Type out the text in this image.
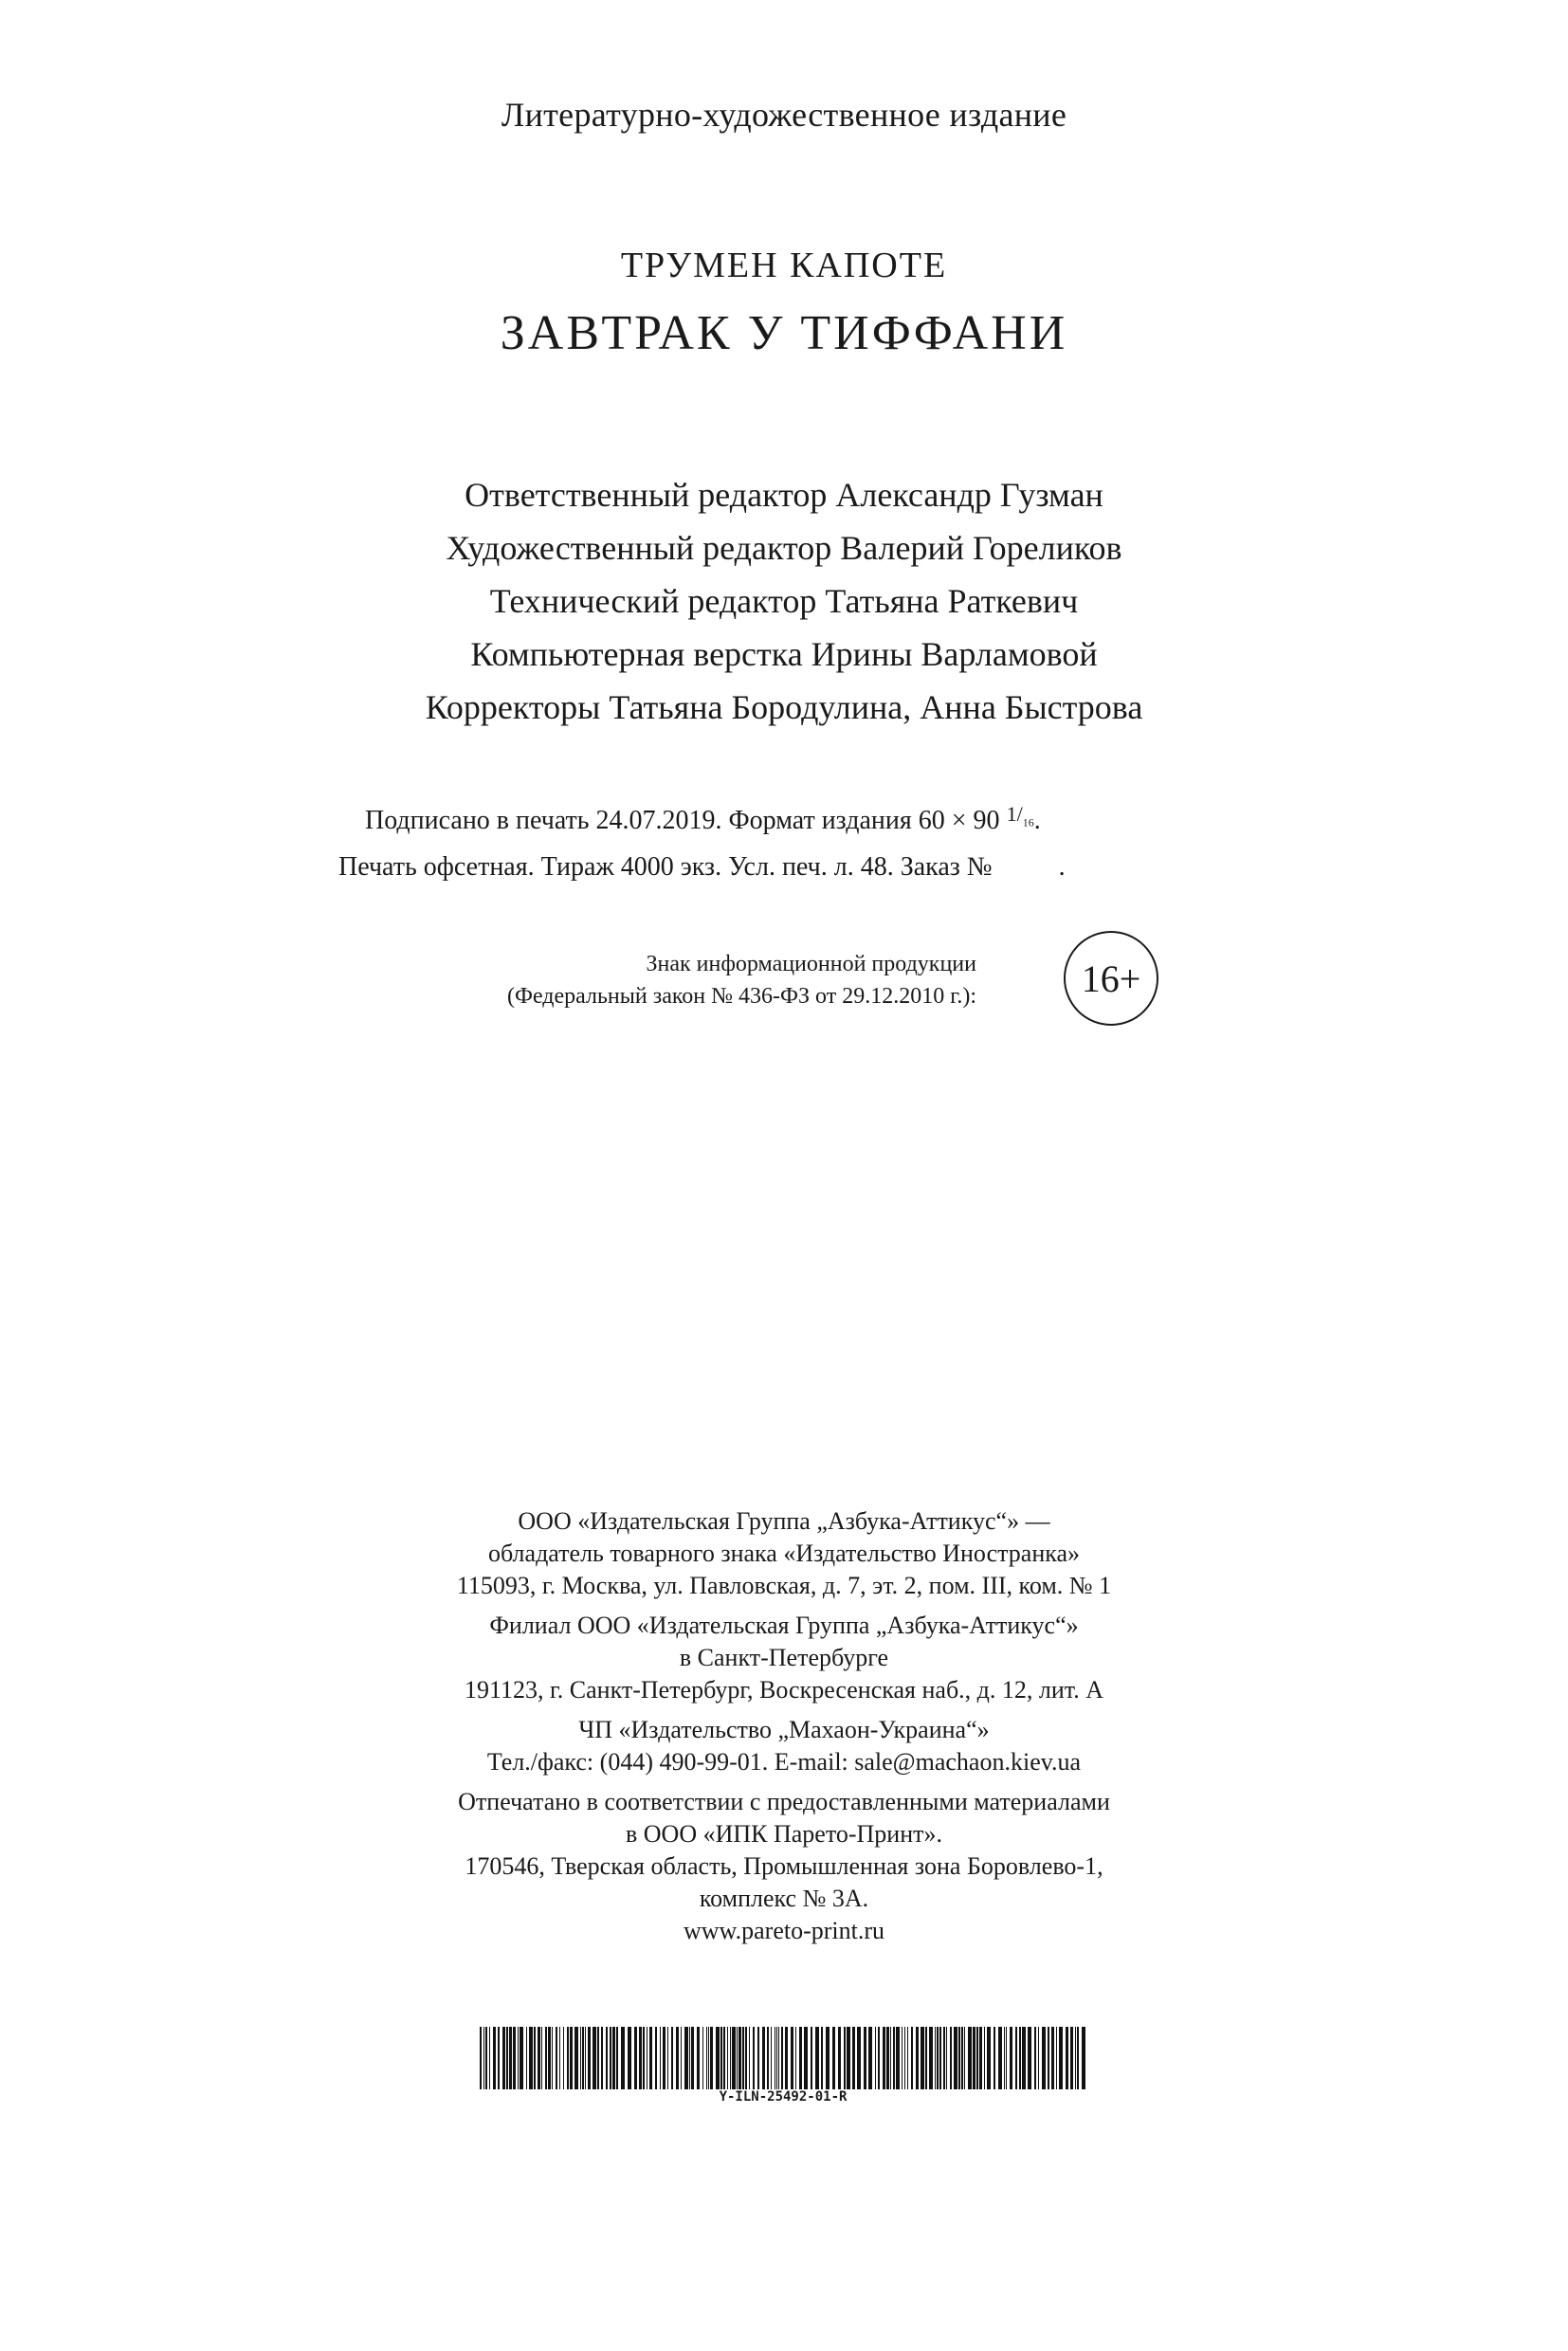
Литературно-художественное издание
ТРУМЕН КАПОТЕ
ЗАВТРАК У ТИФФАНИ
Ответственный редактор Александр Гузман
Художественный редактор Валерий Гореликов
Технический редактор Татьяна Раткевич
Компьютерная верстка Ирины Варламовой
Корректоры Татьяна Бородулина, Анна Быстрова
Подписано в печать 24.07.2019. Формат издания 60 × 90 $^{1/_{16}}$.
Печать офсетная. Тираж 4000 экз. Усл. печ. л. 48. Заказ №	.
Знак информационной продукции
(Федеральный закон № 436-ФЗ от 29.12.2010 г.):	16+
ООО «Издательская Группа „Азбука-Аттикус“» —
обладатель товарного знака «Издательство Иностранка»
115093, г. Москва, ул. Павловская, д. 7, эт. 2, пом. III, ком. № 1
Филиал ООО «Издательская Группа „Азбука-Аттикус“»
в Санкт-Петербурге
191123, г. Санкт-Петербург, Воскресенская наб., д. 12, лит. А
ЧП «Издательство „Махаон-Украина“»
Тел./факс: (044) 490-99-01. E-mail: sale@machaon.kiev.ua
Отпечатано в соответствии с предоставленными материалами
в ООО «ИПК Парето-Принт».
170546, Тверская область, Промышленная зона Боровлево-1,
комплекс № 3А.
www.pareto-print.ru
Y-ILN-25492-01-R
